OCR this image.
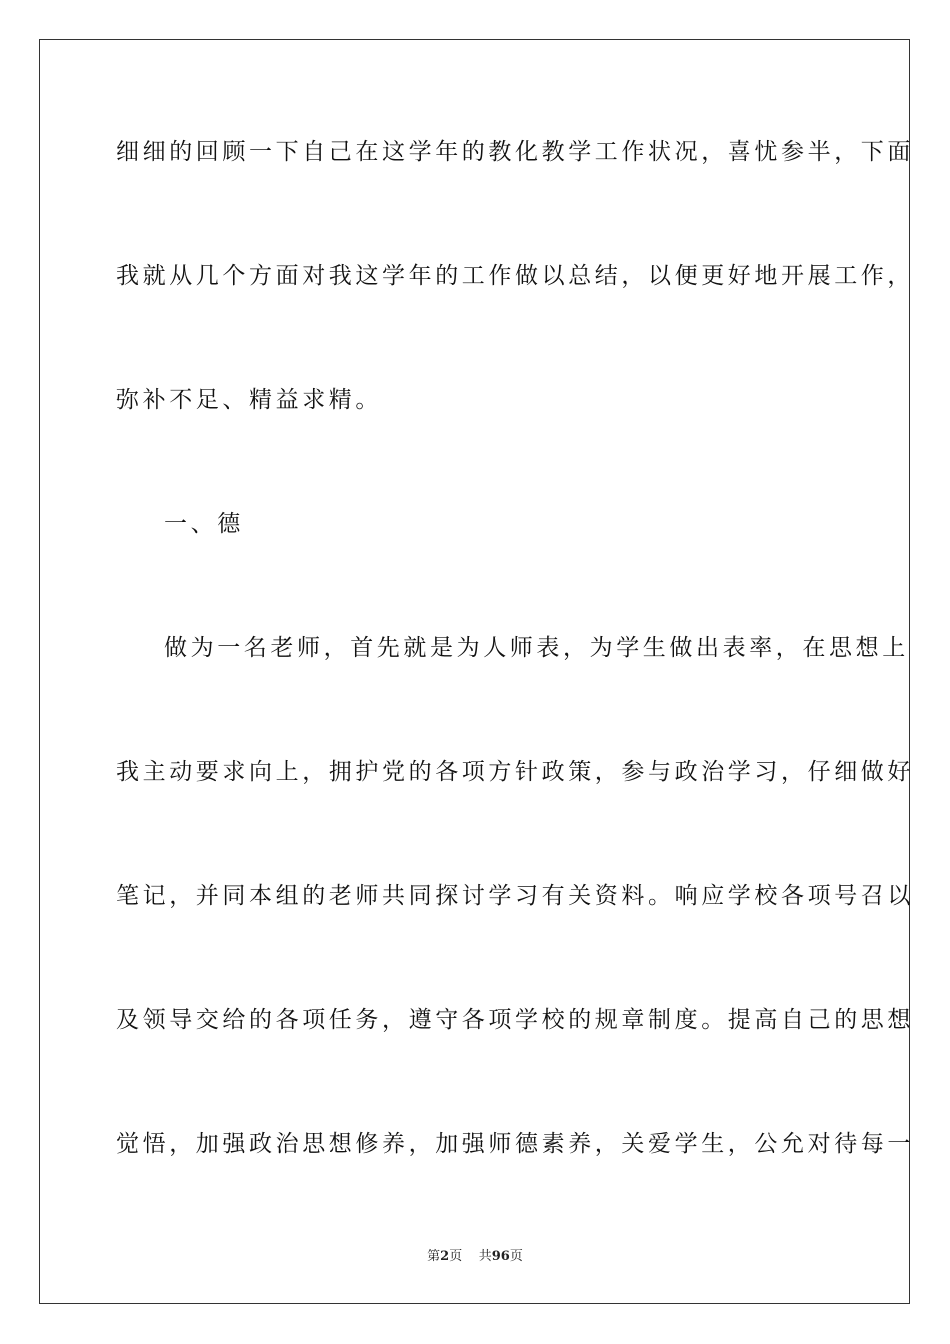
细细的回顾一下自己在这学年的教化教学工作状况，喜忧参半，下面
我就从几个方面对我这学年的工作做以总结，以便更好地开展工作，
弥补不足、精益求精。
一、德
做为一名老师，首先就是为人师表，为学生做出表率，在思想上
我主动要求向上，拥护党的各项方针政策，参与政治学习，仔细做好
笔记，并同本组的老师共同探讨学习有关资料。响应学校各项号召以
及领导交给的各项任务，遵守各项学校的规章制度。提高自己的思想
觉悟，加强政治思想修养，加强师德素养，关爱学生，公允对待每一
第2页 共96页
